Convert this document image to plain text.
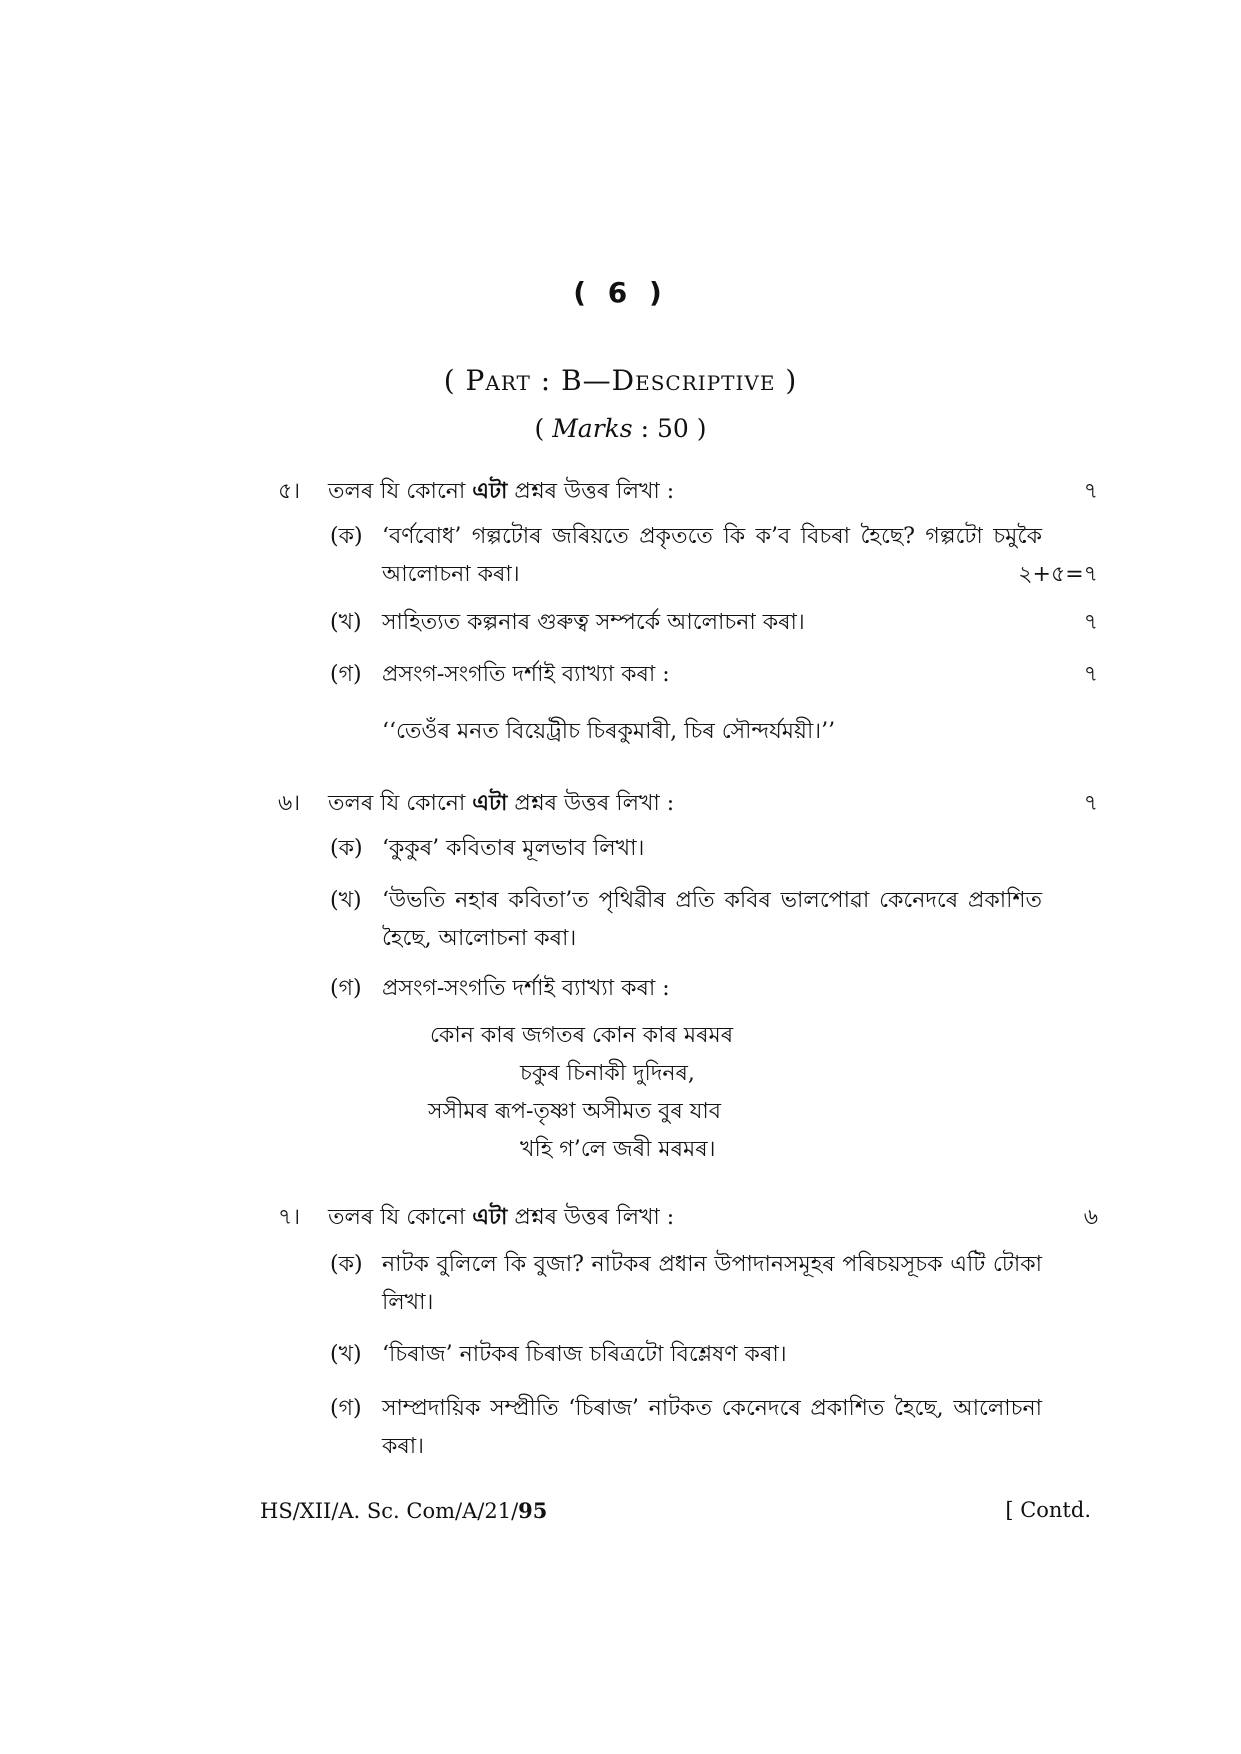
( 6 )
( Part : B—Descriptive )
( Marks : 50 )
৫।	তলৰ যি কোনো এটা প্ৰশ্নৰ উত্তৰ লিখা :	৭
(ক) ‘বৰ্ণবোধ’ গল্পটোৰ জৰিয়তে প্ৰকৃততে কি ক’ব বিচৰা হৈছে? গল্পটো চমুকৈ আলোচনা কৰা।	২+৫=৭
(খ) সাহিত্যত কল্পনাৰ গুৰুত্ব সম্পৰ্কে আলোচনা কৰা।	৭
(গ) প্ৰসংগ-সংগতি দৰ্শাই ব্যাখ্যা কৰা :	৭
‘‘তেওঁৰ মনত বিয়েট্ৰীচ চিৰকুমাৰী, চিৰ সৌন্দৰ্যময়ী।’’
৬।	তলৰ যি কোনো এটা প্ৰশ্নৰ উত্তৰ লিখা :	৭
(ক) ‘কুকুৰ’ কবিতাৰ মূলভাব লিখা।
(খ) ‘উভতি নহাৰ কবিতা’ত পৃথিৱীৰ প্ৰতি কবিৰ ভালপোৱা কেনেদৰে প্ৰকাশিত হৈছে, আলোচনা কৰা।
(গ) প্ৰসংগ-সংগতি দৰ্শাই ব্যাখ্যা কৰা :
কোন কাৰ জগতৰ কোন কাৰ মৰমৰ
চকুৰ চিনাকী দুদিনৰ,
সসীমৰ ৰূপ-তৃষ্ণা অসীমত বুৰ যাব
খহি গ’লে জৰী মৰমৰ।
৭।	তলৰ যি কোনো এটা প্ৰশ্নৰ উত্তৰ লিখা :	৬
(ক) নাটক বুলিলে কি বুজা? নাটকৰ প্ৰধান উপাদানসমূহৰ পৰিচয়সূচক এটি টোকা লিখা।
(খ) ‘চিৰাজ’ নাটকৰ চিৰাজ চৰিত্ৰটো বিশ্লেষণ কৰা।
(গ) সাম্প্ৰদায়িক সম্প্ৰীতি ‘চিৰাজ’ নাটকত কেনেদৰে প্ৰকাশিত হৈছে, আলোচনা কৰা।
HS/XII/A. Sc. Com/A/21/95	[ Contd.
